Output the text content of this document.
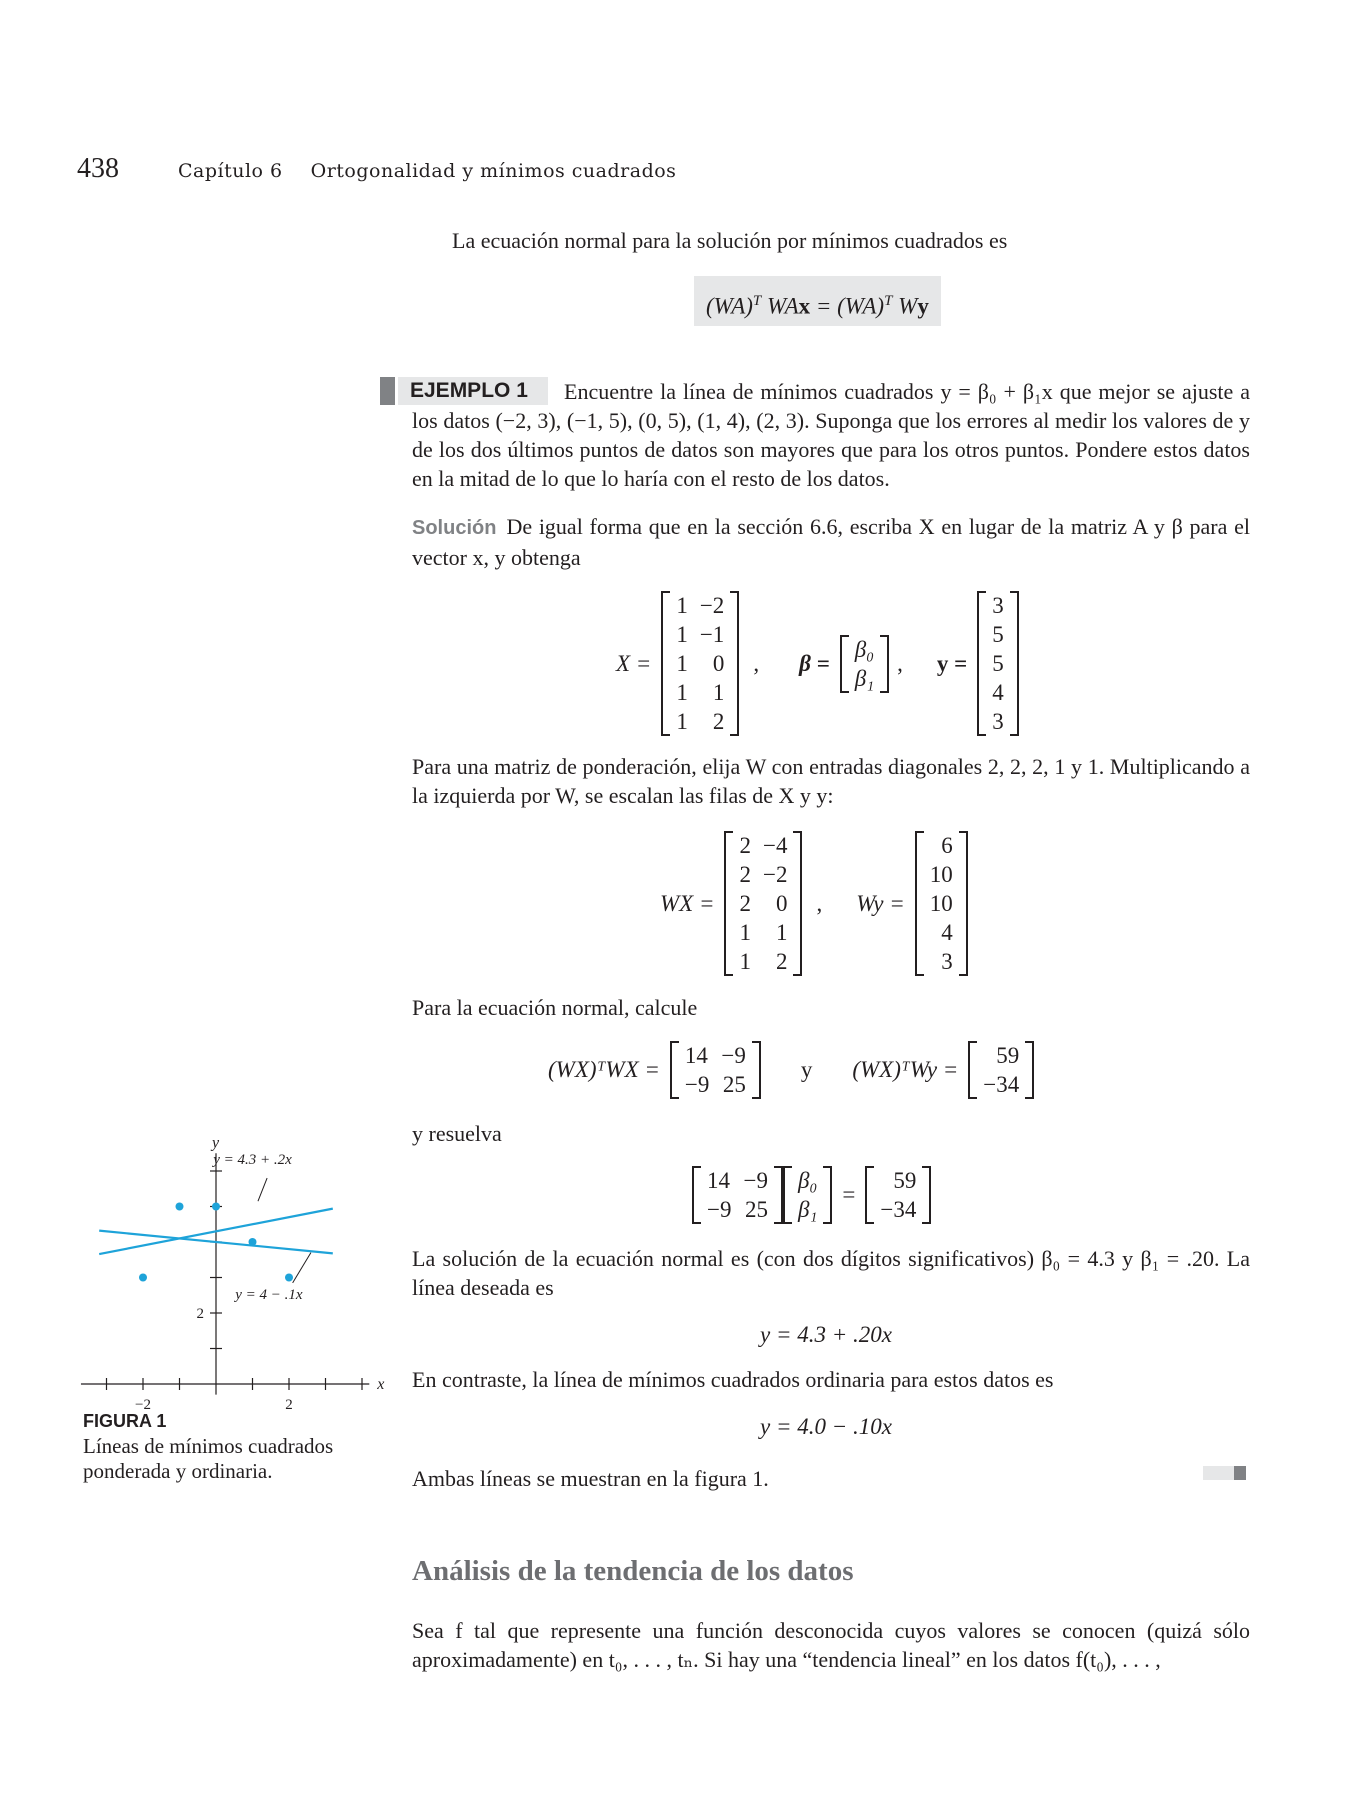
438	Capítulo 6 Ortogonalidad y mínimos cuadrados
La ecuación normal para la solución por mínimos cuadrados es
(WA)$^T$ WAx = (WA)$^T$ Wy
EJEMPLO 1	Encuentre la línea de mínimos cuadrados y = β₀ + β₁x que mejor se ajuste a los datos (−2, 3), (−1, 5), (0, 5), (1, 4), (2, 3). Suponga que los errores al medir los valores de y de los dos últimos puntos de datos son mayores que para los otros puntos. Pondere estos datos en la mitad de lo que lo haría con el resto de los datos.
Solución De igual forma que en la sección 6.6, escriba X en lugar de la matriz A y β para el vector x, y obtenga
X =
1	−2
1	−1
1	0
1	1
1	2
, β =
β₀
β₁
, y =
3
5
5
4
3
Para una matriz de ponderación, elija W con entradas diagonales 2, 2, 2, 1 y 1. Multiplicando a la izquierda por W, se escalan las filas de X y y:
WX =
2	−4
2	−2
2	0
1	1
1	2
, Wy =
6
10
10
4
3
Para la ecuación normal, calcule
(WX)ᵀWX =
14	−9
−9	25
y (WX)ᵀWy =
59
−34
y resuelva
14	−9
−9	25
β₀
β₁
=
59
−34
La solución de la ecuación normal es (con dos dígitos significativos) β₀ = 4.3 y β₁ = .20. La línea deseada es
y = 4.3 + .20x
En contraste, la línea de mínimos cuadrados ordinaria para estos datos es
y = 4.0 − .10x
Ambas líneas se muestran en la figura 1.
Análisis de la tendencia de los datos
Sea f tal que represente una función desconocida cuyos valores se conocen (quizá sólo aproximadamente) en t₀, . . . , tₙ. Si hay una “tendencia lineal” en los datos f(t₀), . . . ,
−2	2
2
x
y
y = 4.3 + .2x
y = 4 − .1x
FIGURA 1
Líneas de mínimos cuadrados ponderada y ordinaria.
